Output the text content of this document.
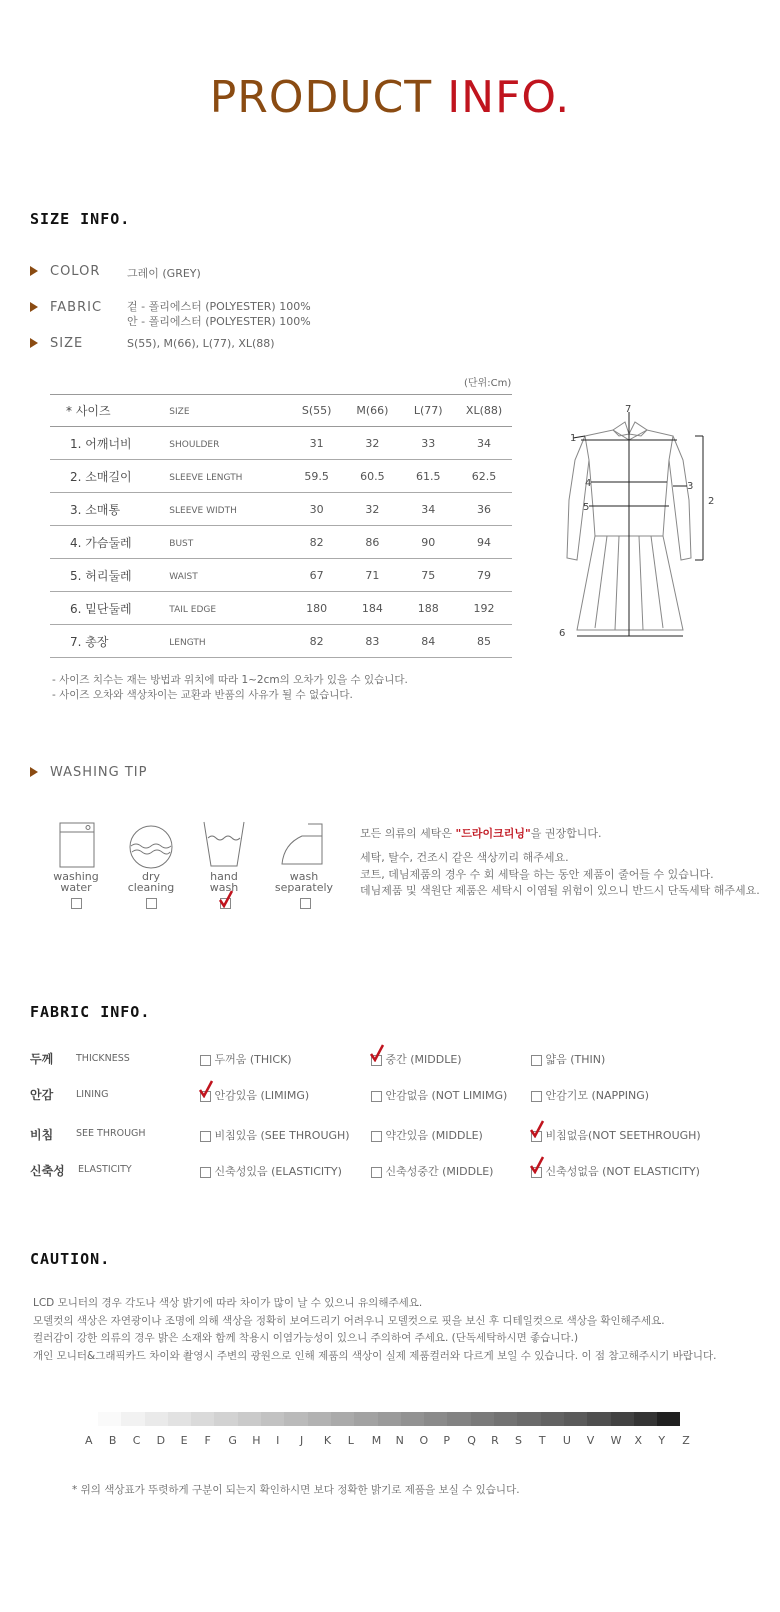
PRODUCT INFO.
SIZE INFO.
COLOR 그레이 (GREY)
FABRIC 겉 - 폴리에스터 (POLYESTER) 100%
안 - 폴리에스터 (POLYESTER) 100%
SIZE	S(55), M(66), L(77), XL(88)
(단위:Cm)
* 사이즈	SIZE	S(55)	M(66)	L(77)	XL(88)
1. 어깨너비	SHOULDER	31	32	33	34
2. 소매길이	SLEEVE LENGTH	59.5	60.5	61.5	62.5
3. 소매통	SLEEVE WIDTH	30	32	34	36
4. 가슴둘레	BUST	82	86	90	94
5. 허리둘레	WAIST	67	71	75	79
6. 밑단둘레	TAIL EDGE	180	184	188	192
7. 총장	LENGTH	82	83	84	85
- 사이즈 치수는 재는 방법과 위치에 따라 1~2cm의 오차가 있을 수 있습니다.
- 사이즈 오차와 색상차이는 교환과 반품의 사유가 될 수 없습니다.
7
1
2
3
4
5
6
WASHING TIP
washing
water
dry
cleaning
hand
wash
wash
separately
모든 의류의 세탁은 "드라이크리닝"을 권장합니다.
세탁, 탈수, 건조시 같은 색상끼리 해주세요.
코트, 데님제품의 경우 수 회 세탁을 하는 동안 제품이 줄어들 수 있습니다.
데님제품 및 색원단 제품은 세탁시 이염될 위험이 있으니 반드시 단독세탁 해주세요.
FABRIC INFO.
두께 THICKNESS	두꺼움 (THICK)	중간 (MIDDLE)	얇음 (THIN)
안감 LINING	안감있음 (LIMIMG)	안감없음 (NOT LIMIMG)	안감기모 (NAPPING)
비침 SEE THROUGH	비침있음 (SEE THROUGH)	약간있음 (MIDDLE)	비침없음(NOT SEETHROUGH)
신축성 ELASTICITY	신축성있음 (ELASTICITY)	신축성중간 (MIDDLE)	신축성없음 (NOT ELASTICITY)
CAUTION.
LCD 모니터의 경우 각도나 색상 밝기에 따라 차이가 많이 날 수 있으니 유의해주세요.
모델컷의 색상은 자연광이나 조명에 의해 색상을 정확히 보여드리기 어려우니 모델컷으로 핏을 보신 후 디테일컷으로 색상을 확인해주세요.
컬러감이 강한 의류의 경우 밝은 소재와 함께 착용시 이염가능성이 있으니 주의하여 주세요. (단독세탁하시면 좋습니다.)
개인 모니터&그래픽카드 차이와 촬영시 주변의 광원으로 인해 제품의 색상이 실제 제품컬러와 다르게 보일 수 있습니다. 이 점 참고해주시기 바랍니다.
A	B	C	D	E	F	G	H	I	J	K	L	M	N	O	P	Q	R	S	T	U	V	W	X	Y	Z
* 위의 색상표가 뚜렷하게 구분이 되는지 확인하시면 보다 정확한 밝기로 제품을 보실 수 있습니다.
